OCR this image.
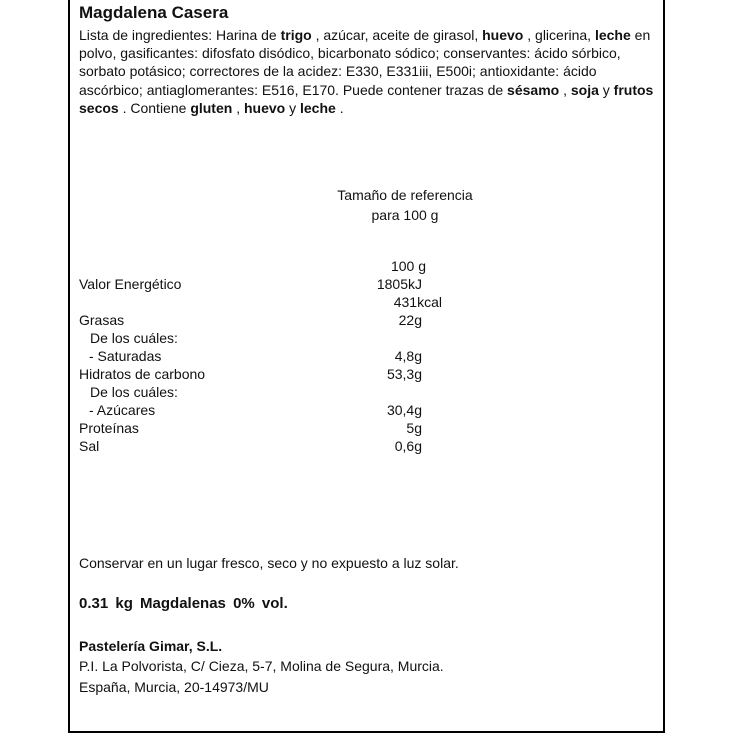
Magdalena Casera
Lista de ingredientes: Harina de trigo , azúcar, aceite de girasol, huevo , glicerina, leche en polvo, gasificantes: difosfato disódico, bicarbonato sódico; conservantes: ácido sórbico, sorbato potásico; correctores de la acidez: E330, E331iii, E500i; antioxidante: ácido ascórbico; antiaglomerantes: E516, E170. Puede contener trazas de sésamo , soja y frutos secos . Contiene gluten , huevo y leche .
Tamaño de referencia
para 100 g
100 g
Valor Energético	1805kJ
431kcal
Grasas	22g
De los cuáles:
- Saturadas	4,8g
Hidratos de carbono	53,3g
De los cuáles:
- Azúcares	30,4g
Proteínas	5g
Sal	0,6g
Conservar en un lugar fresco, seco y no expuesto a luz solar.
0.31 kg Magdalenas 0% vol.
Pastelería Gimar, S.L.
P.I. La Polvorista, C/ Cieza, 5-7, Molina de Segura, Murcia.
España, Murcia, 20-14973/MU
